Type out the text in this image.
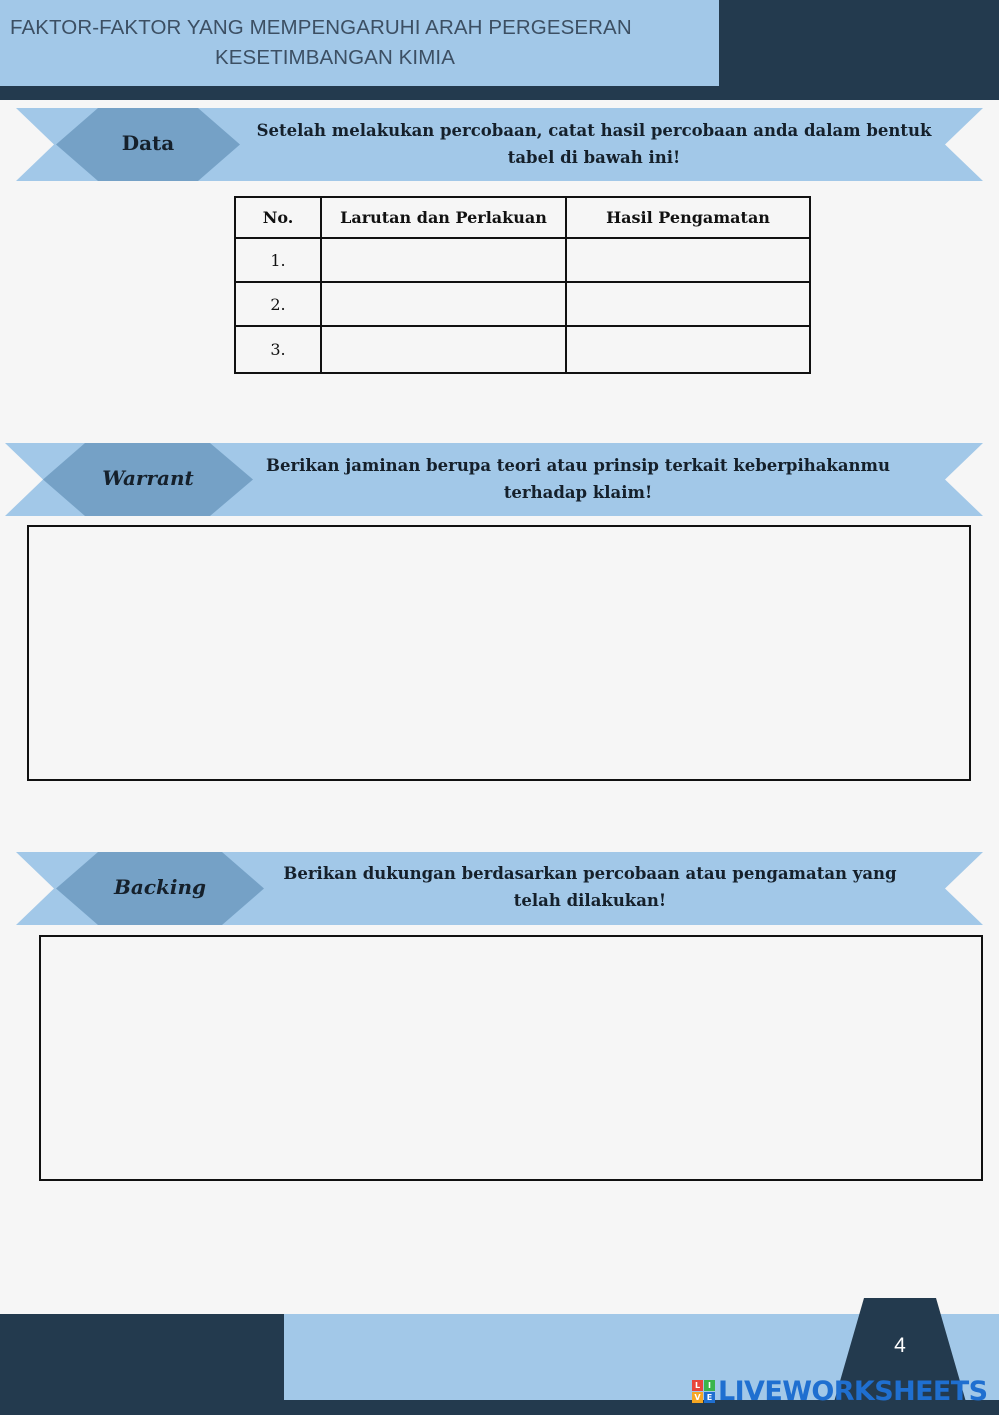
FAKTOR-FAKTOR YANG MEMPENGARUHI ARAH PERGESERAN
KESETIMBANGAN KIMIA
Data
Setelah melakukan percobaan, catat hasil percobaan anda dalam bentuk
tabel di bawah ini!
No.	Larutan dan Perlakuan	Hasil Pengamatan
1.		
2.		
3.		
Warrant
Berikan jaminan berupa teori atau prinsip terkait keberpihakanmu
terhadap klaim!
Backing
Berikan dukungan berdasarkan percobaan atau pengamatan yang
telah dilakukan!
4
L I
V E LIVEWORKSHEETS
